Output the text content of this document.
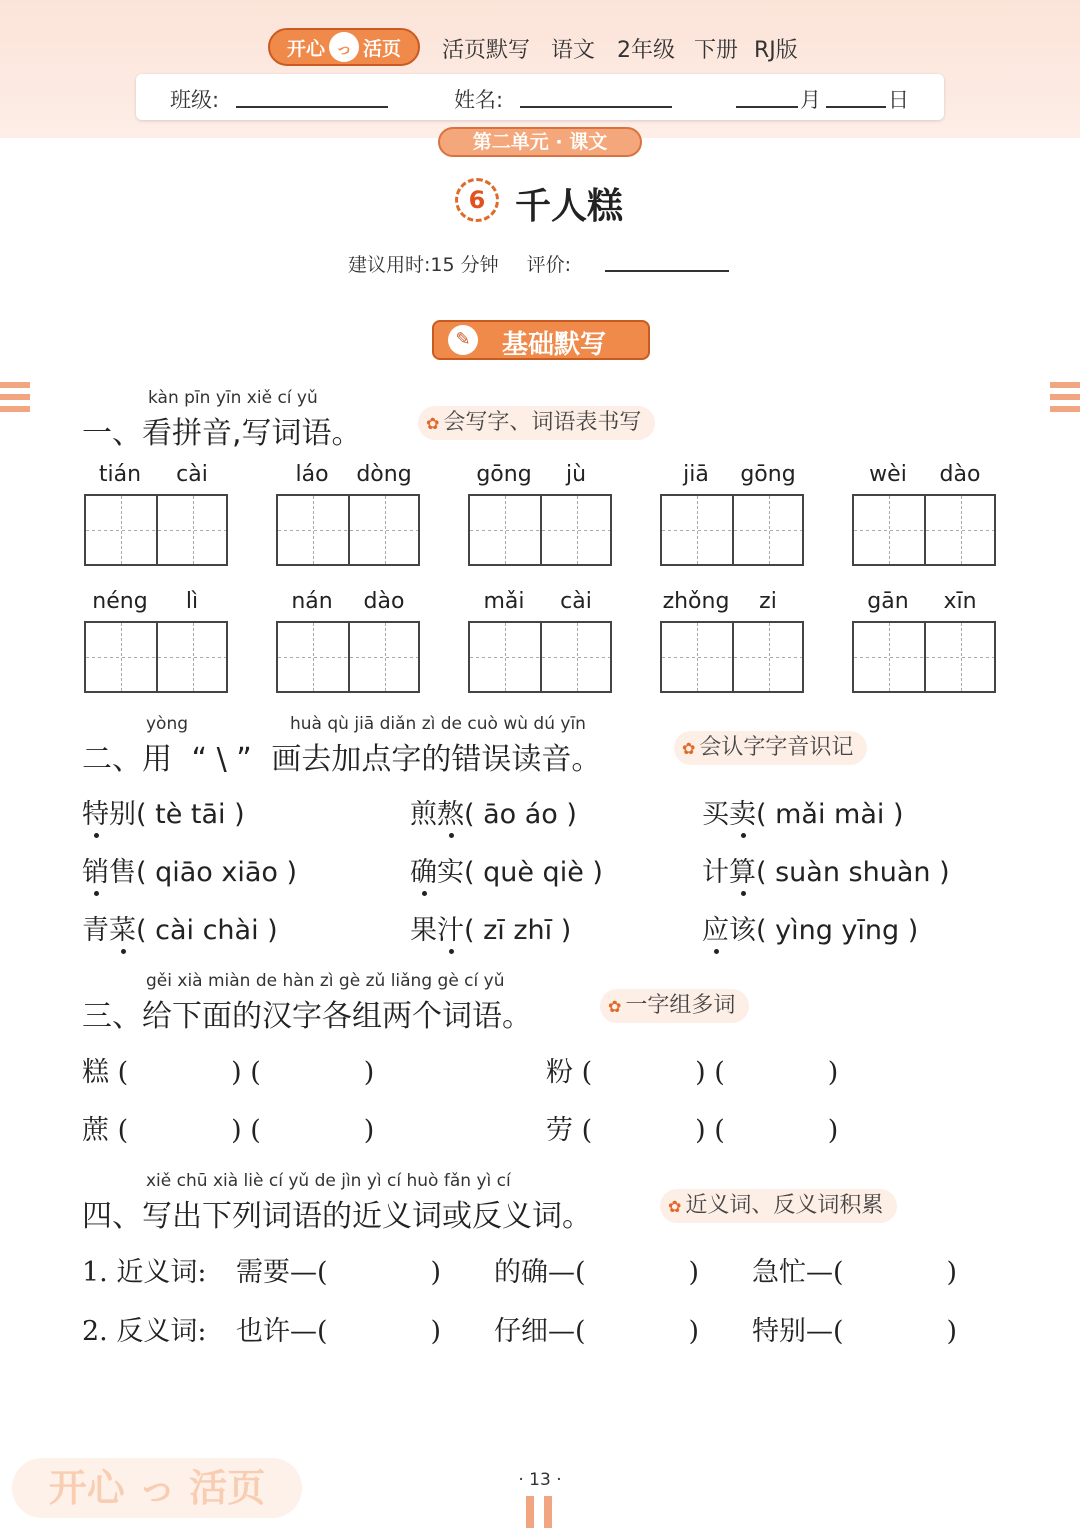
开心 っ 活页 活页默写 语文 2年级 下册 RJ版
班级:	姓名:	月	日
第二单元 · 课文
6 千人糕
建议用时:15 分钟 评价:
✎ 基础默写
kàn pīn yīn xiě cí yǔ
一、看拼音,写词语。	✿ 会写字、词语表书写
tián	cài	láo	dòng	gōng	jù	jiā	gōng	wèi	dào
néng	lì	nán	dào	mǎi	cài	zhǒng	zi	gān	xīn
yòng	huà qù jiā diǎn zì de cuò wù dú yīn
二、用 “ \ ” 画去加点字的错误读音。	✿ 会认字字音识记
特别( tè tāi )	煎熬( āo áo )	买卖( mǎi mài )
销售( qiāo xiāo )	确实( què qiè )	计算( suàn shuàn )
青菜( cài chài )	果汁( zī zhī )	应该( yìng yīng )
gěi xià miàn de hàn zì gè zǔ liǎng gè cí yǔ
三、给下面的汉字各组两个词语。	✿ 一字组多词
糕 (            ) (            )	粉 (            ) (            )
蔗 (            ) (            )	劳 (            ) (            )
xiě chū xià liè cí yǔ de jìn yì cí huò fǎn yì cí
四、写出下列词语的近义词或反义词。	✿ 近义词、反义词积累
1. 近义词: 需要—(            ) 的确—(            ) 急忙—(            )
2. 反义词: 也许—(            ) 仔细—(            ) 特别—(            )
开心 っ 活页	· 13 ·
